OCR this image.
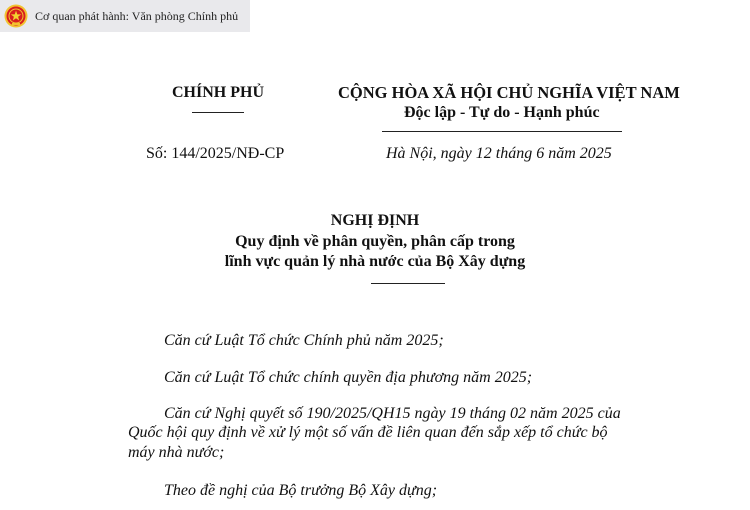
Cơ quan phát hành: Văn phòng Chính phủ
CHÍNH PHỦ
Số: 144/2025/NĐ-CP
CỘNG HÒA XÃ HỘI CHỦ NGHĨA VIỆT NAM
Độc lập - Tự do - Hạnh phúc
Hà Nội, ngày 12 tháng 6 năm 2025
NGHỊ ĐỊNH
Quy định về phân quyền, phân cấp trong
lĩnh vực quản lý nhà nước của Bộ Xây dựng
Căn cứ Luật Tổ chức Chính phủ năm 2025;
Căn cứ Luật Tổ chức chính quyền địa phương năm 2025;
Căn cứ Nghị quyết số 190/2025/QH15 ngày 19 tháng 02 năm 2025 của
Quốc hội quy định về xử lý một số vấn đề liên quan đến sắp xếp tổ chức bộ
máy nhà nước;
Theo đề nghị của Bộ trưởng Bộ Xây dựng;
